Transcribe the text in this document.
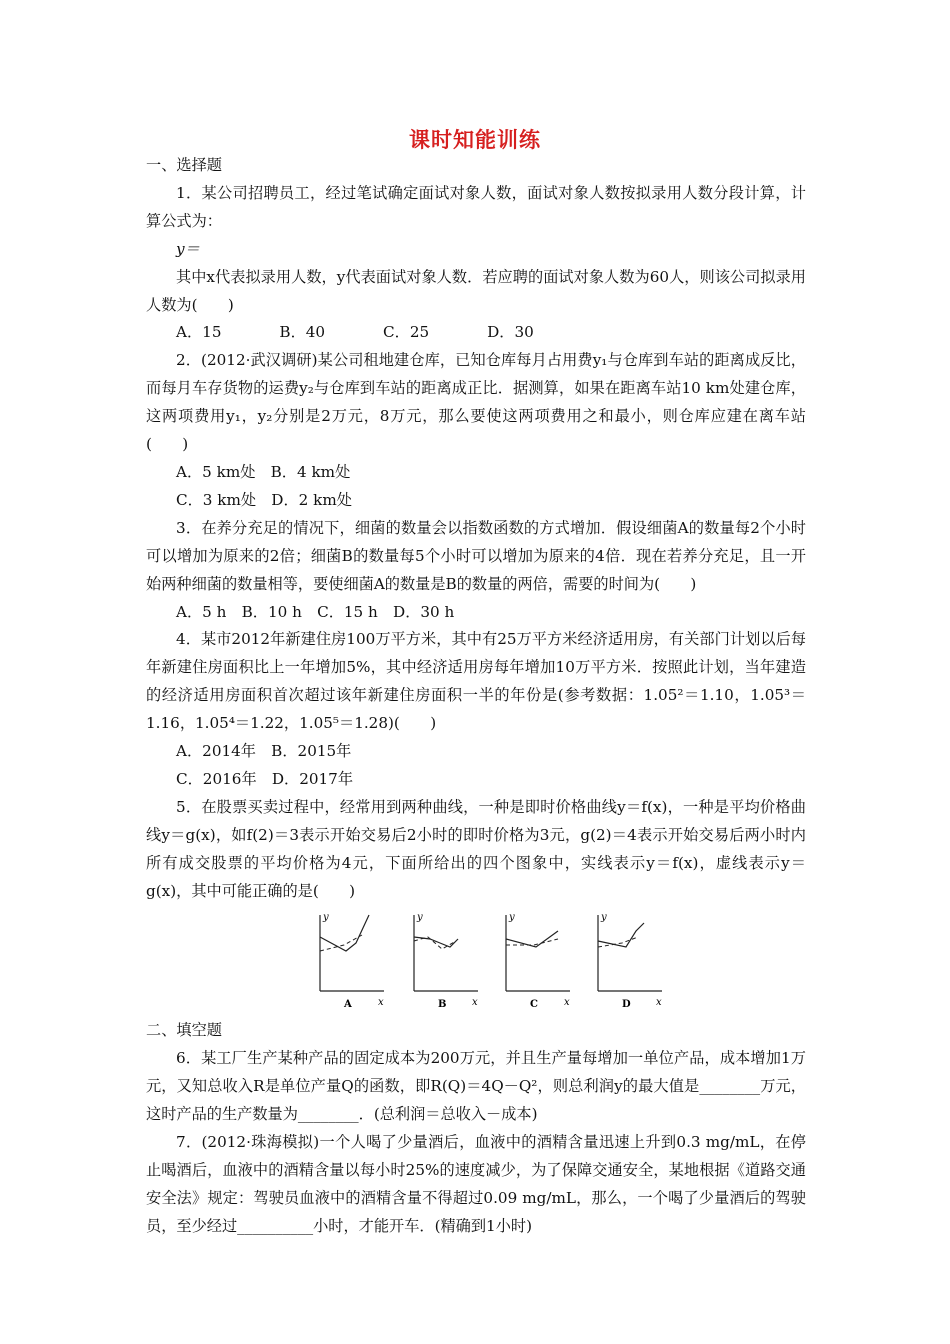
课时知能训练

一、选择题

1．某公司招聘员工，经过笔试确定面试对象人数，面试对象人数按拟录用人数分段计算，计算公式为：

y＝

其中x代表拟录用人数，y代表面试对象人数．若应聘的面试对象人数为60人，则该公司拟录用人数为(　　)

A．15            B．40            C．25            D．30

2．(2012·武汉调研)某公司租地建仓库，已知仓库每月占用费y₁与仓库到车站的距离成反比，而每月车存货物的运费y₂与仓库到车站的距离成正比．据测算，如果在距离车站10 km处建仓库，这两项费用y₁，y₂分别是2万元，8万元，那么要使这两项费用之和最小，则仓库应建在离车站(　　)

A．5 km处　B．4 km处

C．3 km处　D．2 km处

3．在养分充足的情况下，细菌的数量会以指数函数的方式增加．假设细菌A的数量每2个小时可以增加为原来的2倍；细菌B的数量每5个小时可以增加为原来的4倍．现在若养分充足，且一开始两种细菌的数量相等，要使细菌A的数量是B的数量的两倍，需要的时间为(　　)

A．5 h　B．10 h　C．15 h　D．30 h

4．某市2012年新建住房100万平方米，其中有25万平方米经济适用房，有关部门计划以后每年新建住房面积比上一年增加5%，其中经济适用房每年增加10万平方米．按照此计划，当年建造的经济适用房面积首次超过该年新建住房面积一半的年份是(参考数据：1.05²＝1.10，1.05³＝1.16，1.05⁴＝1.22，1.05⁵＝1.28)(　　)

A．2014年　B．2015年

C．2016年　D．2017年

5．在股票买卖过程中，经常用到两种曲线，一种是即时价格曲线y＝f(x)，一种是平均价格曲线y＝g(x)，如f(2)＝3表示开始交易后2小时的即时价格为3元，g(2)＝4表示开始交易后两小时内所有成交股票的平均价格为4元，下面所给出的四个图象中，实线表示y＝f(x)，虚线表示y＝g(x)，其中可能正确的是(　　)

y
x
A
y
x
B
y
x
C
y
x
D

二、填空题

6．某工厂生产某种产品的固定成本为200万元，并且生产量每增加一单位产品，成本增加1万元，又知总收入R是单位产量Q的函数，即R(Q)＝4Q－Q²，则总利润y的最大值是________万元，这时产品的生产数量为________．(总利润＝总收入－成本)

7．(2012·珠海模拟)一个人喝了少量酒后，血液中的酒精含量迅速上升到0.3 mg/mL，在停止喝酒后，血液中的酒精含量以每小时25%的速度减少，为了保障交通安全，某地根据《道路交通安全法》规定：驾驶员血液中的酒精含量不得超过0.09 mg/mL，那么，一个喝了少量酒后的驾驶员，至少经过__________小时，才能开车．(精确到1小时)
